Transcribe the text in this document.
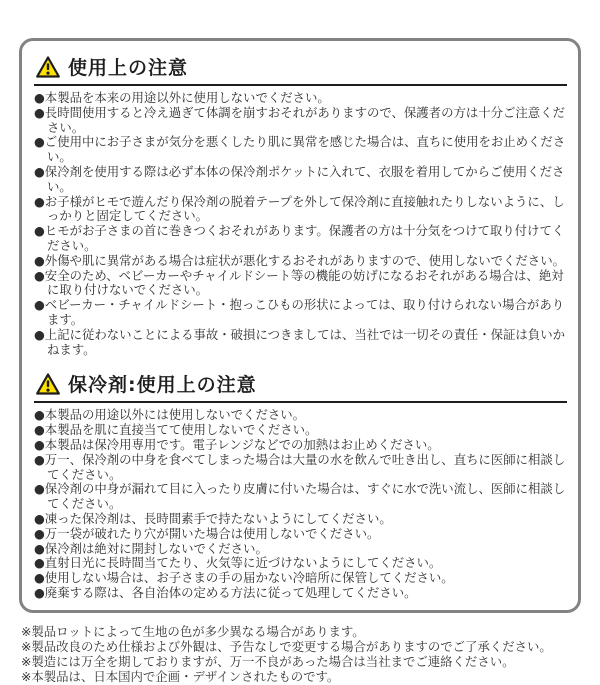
使用上の注意
●本製品を本来の用途以外に使用しないでください。
●長時間使用すると冷え過ぎて体調を崩すおそれがありますので、保護者の方は十分ご注意ください。
●ご使用中にお子さまが気分を悪くしたり肌に異常を感じた場合は、直ちに使用をお止めください。
●保冷剤を使用する際は必ず本体の保冷剤ポケットに入れて、衣服を着用してからご使用ください。
●お子様がヒモで遊んだり保冷剤の脱着テープを外して保冷剤に直接触れたりしないように、しっかりと固定してください。
●ヒモがお子さまの首に巻きつくおそれがあります。保護者の方は十分気をつけて取り付けてください。
●外傷や肌に異常がある場合は症状が悪化するおそれがありますので、使用しないでください。
●安全のため、ベビーカーやチャイルドシート等の機能の妨げになるおそれがある場合は、絶対に取り付けないでください。
●ベビーカー・チャイルドシート・抱っこひもの形状によっては、取り付けられない場合があります。
●上記に従わないことによる事故・破損につきましては、当社では一切その責任・保証は負いかねます。
保冷剤:使用上の注意
●本製品の用途以外には使用しないでください。
●本製品を肌に直接当てて使用しないでください。
●本製品は保冷用専用です。電子レンジなどでの加熱はお止めください。
●万一、保冷剤の中身を食べてしまった場合は大量の水を飲んで吐き出し、直ちに医師に相談してください。
●保冷剤の中身が漏れて目に入ったり皮膚に付いた場合は、すぐに水で洗い流し、医師に相談してください。
●凍った保冷剤は、長時間素手で持たないようにしてください。
●万一袋が破れたり穴が開いた場合は使用しないでください。
●保冷剤は絶対に開封しないでください。
●直射日光に長時間当てたり、火気等に近づけないようにしてください。
●使用しない場合は、お子さまの手の届かない冷暗所に保管してください。
●廃棄する際は、各自治体の定める方法に従って処理してください。
※製品ロットによって生地の色が多少異なる場合があります。
※製品改良のため仕様および外観は、予告なしで変更する場合がありますのでご了承ください。
※製造には万全を期しておりますが、万一不良があった場合は当社までご連絡ください。
※本製品は、日本国内で企画・デザインされたものです。
